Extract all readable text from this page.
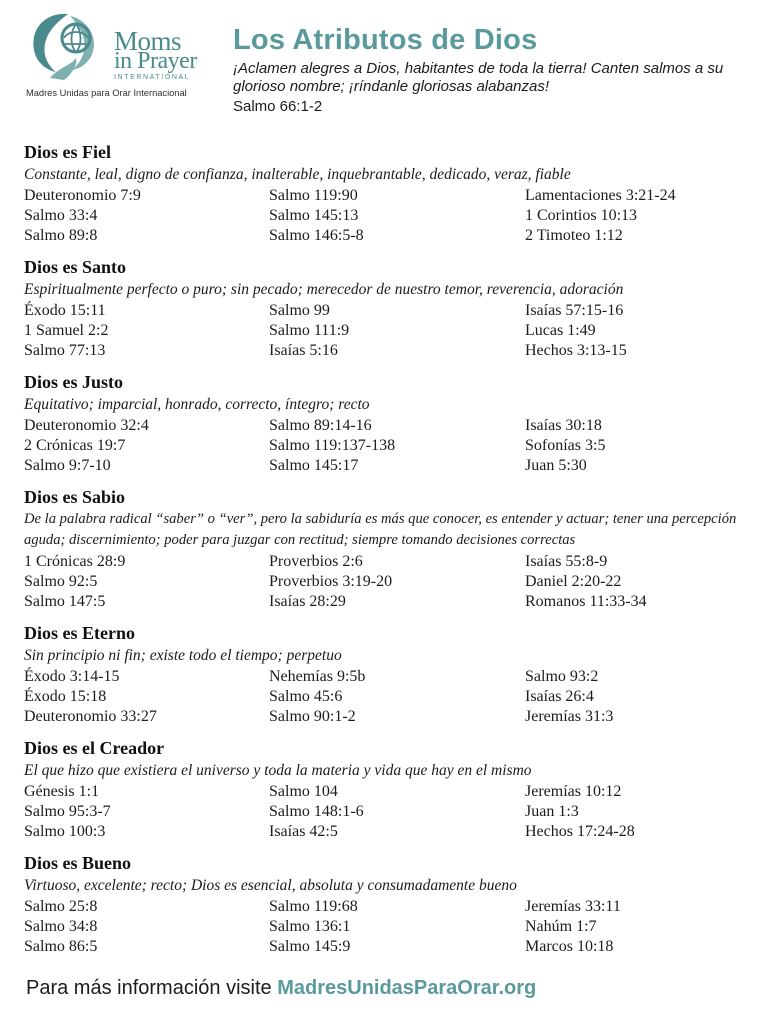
Moms
in Prayer
INTERNATIONAL
Madres Unidas para Orar Internacional
Los Atributos de Dios
¡Aclamen alegres a Dios, habitantes de toda la tierra! Canten salmos a su glorioso nombre; ¡ríndanle gloriosas alabanzas!
Salmo 66:1-2
Dios es Fiel
Constante, leal, digno de confianza, inalterable, inquebrantable, dedicado, veraz, fiable
Deuteronomio 7:9
Salmo 33:4
Salmo 89:8
Salmo 119:90
Salmo 145:13
Salmo 146:5-8
Lamentaciones 3:21-24
1 Corintios 10:13
2 Timoteo 1:12
Dios es Santo
Espiritualmente perfecto o puro; sin pecado; merecedor de nuestro temor, reverencia, adoración
Éxodo 15:11
1 Samuel 2:2
Salmo 77:13
Salmo 99
Salmo 111:9
Isaías 5:16
Isaías 57:15-16
Lucas 1:49
Hechos 3:13-15
Dios es Justo
Equitativo; imparcial, honrado, correcto, íntegro; recto
Deuteronomio 32:4
2 Crónicas 19:7
Salmo 9:7-10
Salmo 89:14-16
Salmo 119:137-138
Salmo 145:17
Isaías 30:18
Sofonías 3:5
Juan 5:30
Dios es Sabio
De la palabra radical “saber” o “ver”, pero la sabiduría es más que conocer, es entender y actuar; tener una percepción aguda; discernimiento; poder para juzgar con rectitud; siempre tomando decisiones correctas
1 Crónicas 28:9
Salmo 92:5
Salmo 147:5
Proverbios 2:6
Proverbios 3:19-20
Isaías 28:29
Isaías 55:8-9
Daniel 2:20-22
Romanos 11:33-34
Dios es Eterno
Sin principio ni fin; existe todo el tiempo; perpetuo
Éxodo 3:14-15
Éxodo 15:18
Deuteronomio 33:27
Nehemías 9:5b
Salmo 45:6
Salmo 90:1-2
Salmo 93:2
Isaías 26:4
Jeremías 31:3
Dios es el Creador
El que hizo que existiera el universo y toda la materia y vida que hay en el mismo
Génesis 1:1
Salmo 95:3-7
Salmo 100:3
Salmo 104
Salmo 148:1-6
Isaías 42:5
Jeremías 10:12
Juan 1:3
Hechos 17:24-28
Dios es Bueno
Virtuoso, excelente; recto; Dios es esencial, absoluta y consumadamente bueno
Salmo 25:8
Salmo 34:8
Salmo 86:5
Salmo 119:68
Salmo 136:1
Salmo 145:9
Jeremías 33:11
Nahúm 1:7
Marcos 10:18
Para más información visite MadresUnidasParaOrar.org
